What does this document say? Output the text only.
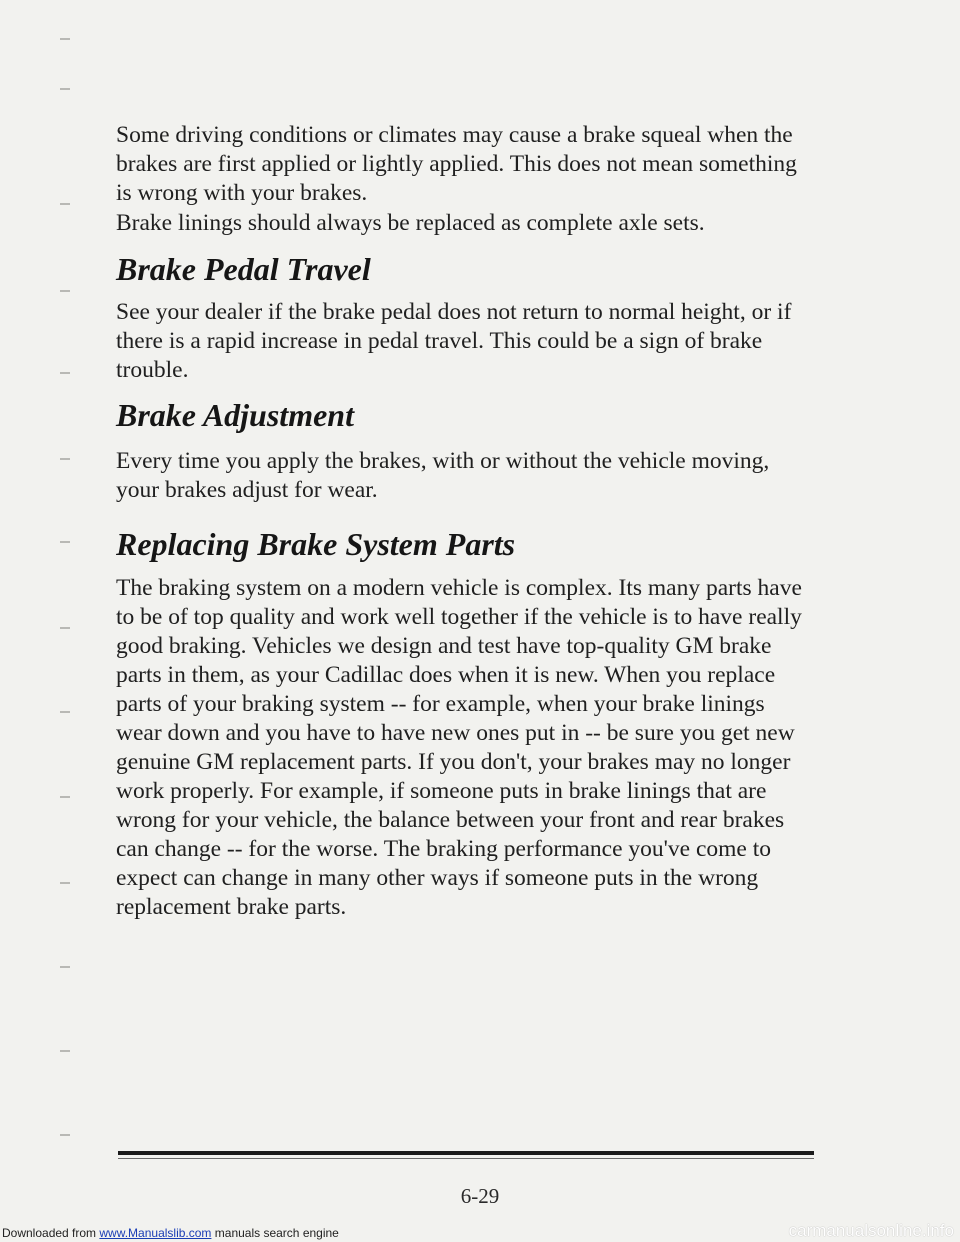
Some driving conditions or climates may cause a brake squeal when the brakes are first applied or lightly applied. This does not mean something is wrong with your brakes.

Brake linings should always be replaced as complete axle sets.

Brake Pedal Travel

See your dealer if the brake pedal does not return to normal height, or if there is a rapid increase in pedal travel. This could be a sign of brake trouble.

Brake Adjustment

Every time you apply the brakes, with or without the vehicle moving, your brakes adjust for wear.

Replacing Brake System Parts

The braking system on a modern vehicle is complex. Its many parts have to be of top quality and work well together if the vehicle is to have really good braking. Vehicles we design and test have top-quality GM brake parts in them, as your Cadillac does when it is new. When you replace parts of your braking system -- for example, when your brake linings wear down and you have to have new ones put in -- be sure you get new genuine GM replacement parts. If you don't, your brakes may no longer work properly. For example, if someone puts in brake linings that are wrong for your vehicle, the balance between your front and rear brakes can change -- for the worse. The braking performance you've come to expect can change in many other ways if someone puts in the wrong replacement brake parts.

6-29
Downloaded from www.Manualslib.com manuals search engine	carmanualsonline.info
